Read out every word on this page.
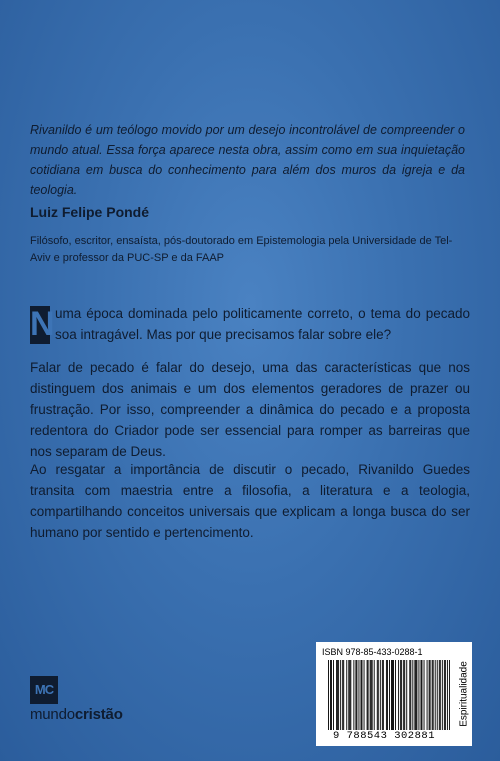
Rivanildo é um teólogo movido por um desejo incontrolável de compreender o mundo atual. Essa força aparece nesta obra, assim como em sua inquietação cotidiana em busca do conhecimento para além dos muros da igreja e da teologia.
Luiz Felipe Pondé
Filósofo, escritor, ensaísta, pós-doutorado em Epistemologia pela Universidade de Tel-Aviv e professor da PUC-SP e da FAAP
N uma época dominada pelo politicamente correto, o tema do pecado soa intragável. Mas por que precisamos falar sobre ele?
Falar de pecado é falar do desejo, uma das características que nos distinguem dos animais e um dos elementos geradores de prazer ou frustração. Por isso, compreender a dinâmica do pecado e a proposta redentora do Criador pode ser essencial para romper as barreiras que nos separam de Deus.
Ao resgatar a importância de discutir o pecado, Rivanildo Guedes transita com maestria entre a filosofia, a literatura e a teologia, compartilhando conceitos universais que explicam a longa busca do ser humano por sentido e pertencimento.
MC
mundocristão
ISBN 978-85-433-0288-1
9 788543 302881
Espiritualidade
